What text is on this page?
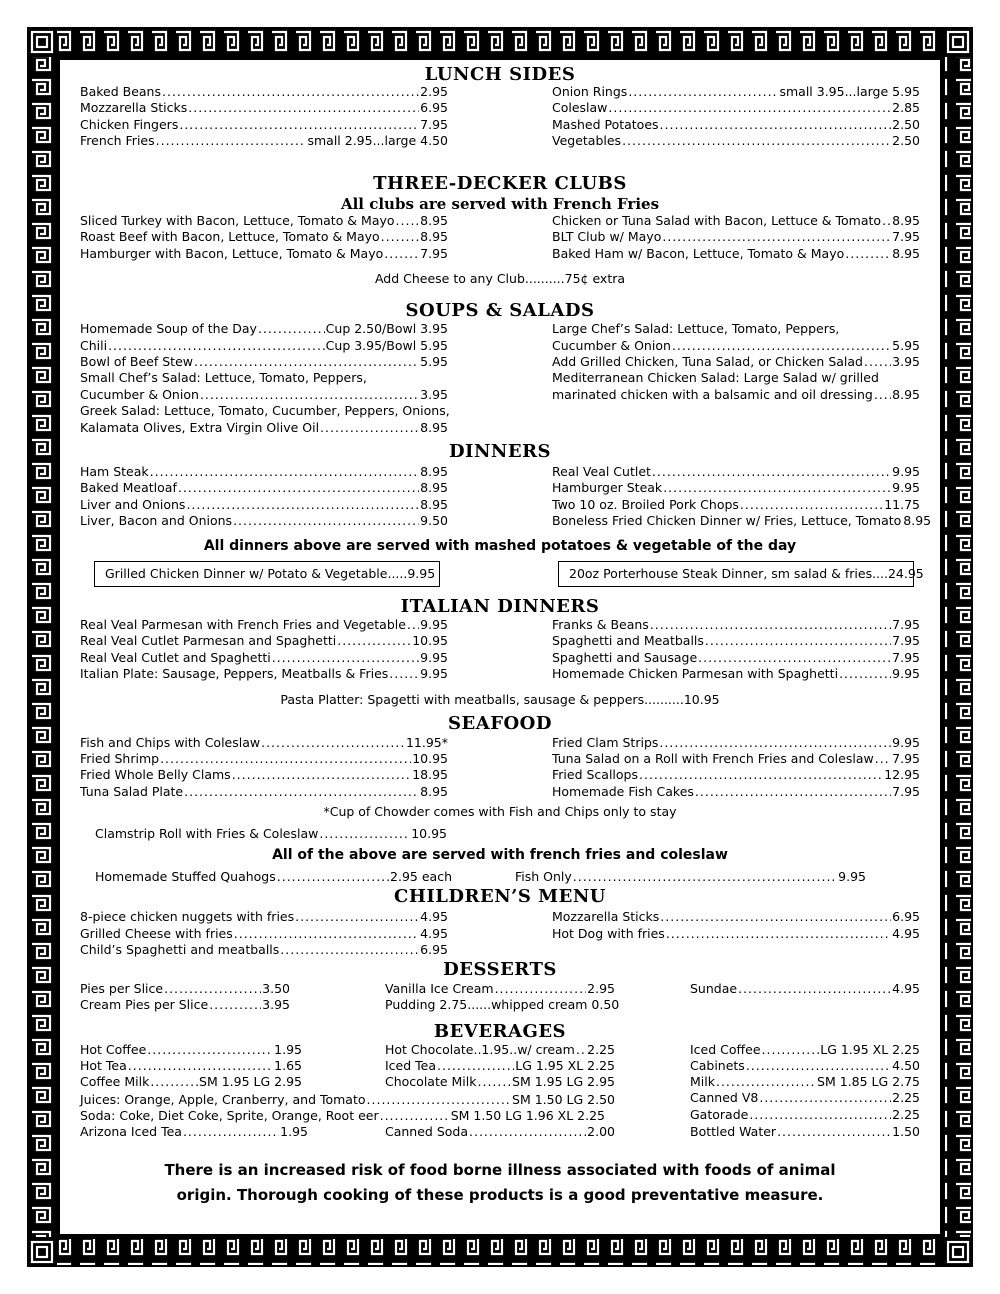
LUNCH SIDES
Baked Beans .....	2.95
Mozzarella Sticks .....	6.95
Chicken Fingers .....	7.95
French Fries .....	small 2.95...large 4.50
Onion Rings .....	small 3.95...large 5.95
Coleslaw .....	2.85
Mashed Potatoes .....	2.50
Vegetables .....	2.50
THREE-DECKER CLUBS
All clubs are served with French Fries
Sliced Turkey with Bacon, Lettuce, Tomato & Mayo ..... 8.95
Roast Beef with Bacon, Lettuce, Tomato & Mayo .....	8.95
Hamburger with Bacon, Lettuce, Tomato & Mayo .....	7.95
Chicken or Tuna Salad with Bacon, Lettuce & Tomato ..... 8.95
BLT Club w/ Mayo .....	7.95
Baked Ham w/ Bacon, Lettuce, Tomato & Mayo .....	8.95
Add Cheese to any Club..........75¢ extra
SOUPS & SALADS
Homemade Soup of the Day .....	Cup 2.50/Bowl 3.95
Chili .....	Cup 3.95/Bowl 5.95
Bowl of Beef Stew .....	5.95
Small Chef’s Salad: Lettuce, Tomato, Peppers,
Cucumber & Onion .....	3.95
Greek Salad: Lettuce, Tomato, Cucumber, Peppers, Onions,
Kalamata Olives, Extra Virgin Olive Oil .....	8.95
Large Chef’s Salad: Lettuce, Tomato, Peppers,
Cucumber & Onion .....	5.95
Add Grilled Chicken, Tuna Salad, or Chicken Salad ..... 3.95
Mediterranean Chicken Salad: Large Salad w/ grilled
marinated chicken with a balsamic and oil dressing ..... 8.95
DINNERS
Ham Steak .....	8.95
Baked Meatloaf .....	8.95
Liver and Onions .....	8.95
Liver, Bacon and Onions .....	9.50
Real Veal Cutlet .....	9.95
Hamburger Steak .....	9.95
Two 10 oz. Broiled Pork Chops .....	11.75
Boneless Fried Chicken Dinner w/ Fries, Lettuce, Tomato 8.95
All dinners above are served with mashed potatoes & vegetable of the day
Grilled Chicken Dinner w/ Potato & Vegetable.....9.95	20oz Porterhouse Steak Dinner, sm salad & fries....24.95
ITALIAN DINNERS
Real Veal Parmesan with French Fries and Vegetable ..... 9.95
Real Veal Cutlet Parmesan and Spaghetti .....	10.95
Real Veal Cutlet and Spaghetti .....	9.95
Italian Plate: Sausage, Peppers, Meatballs & Fries .....	9.95
Franks & Beans .....	7.95
Spaghetti and Meatballs .....	7.95
Spaghetti and Sausage .....	7.95
Homemade Chicken Parmesan with Spaghetti .....	9.95
Pasta Platter: Spagetti with meatballs, sausage & peppers..........10.95
SEAFOOD
Fish and Chips with Coleslaw .....	11.95*
Fried Shrimp .....	10.95
Fried Whole Belly Clams .....	18.95
Tuna Salad Plate .....	8.95
Fried Clam Strips .....	9.95
Tuna Salad on a Roll with French Fries and Coleslaw ..... 7.95
Fried Scallops .....	12.95
Homemade Fish Cakes .....	7.95
*Cup of Chowder comes with Fish and Chips only to stay
Clamstrip Roll with Fries & Coleslaw .....	10.95
All of the above are served with french fries and coleslaw
Homemade Stuffed Quahogs .....	2.95 each	Fish Only .....	9.95
CHILDREN’S MENU
8-piece chicken nuggets with fries .....	4.95
Grilled Cheese with fries .....	4.95
Child’s Spaghetti and meatballs .....	6.95
Mozzarella Sticks .....	6.95
Hot Dog with fries .....	4.95
DESSERTS
Pies per Slice .....	3.50
Cream Pies per Slice .....	3.95
Vanilla Ice Cream .....	2.95
Pudding 2.75......whipped cream 0.50
Sundae .....	4.95
BEVERAGES
Hot Coffee .....	1.95
Hot Tea .....	1.65
Coffee Milk .....	SM 1.95 LG 2.95
Hot Chocolate..1.95..w/ cream ..... 2.25
Iced Tea .....	LG 1.95 XL 2.25
Chocolate Milk .....	SM 1.95 LG 2.95
Juices: Orange, Apple, Cranberry, and Tomato .....	SM 1.50 LG 2.50
Soda: Coke, Diet Coke, Sprite, Orange, Root eer .....	SM 1.50 LG 1.96 XL 2.25
Arizona Iced Tea .....	1.95	Canned Soda .....	2.00
Iced Coffee .....	LG 1.95 XL 2.25
Cabinets .....	4.50
Milk .....	SM 1.85 LG 2.75
Canned V8 .....	2.25
Gatorade .....	2.25
Bottled Water .....	1.50
There is an increased risk of food borne illness associated with foods of animal
origin. Thorough cooking of these products is a good preventative measure.
